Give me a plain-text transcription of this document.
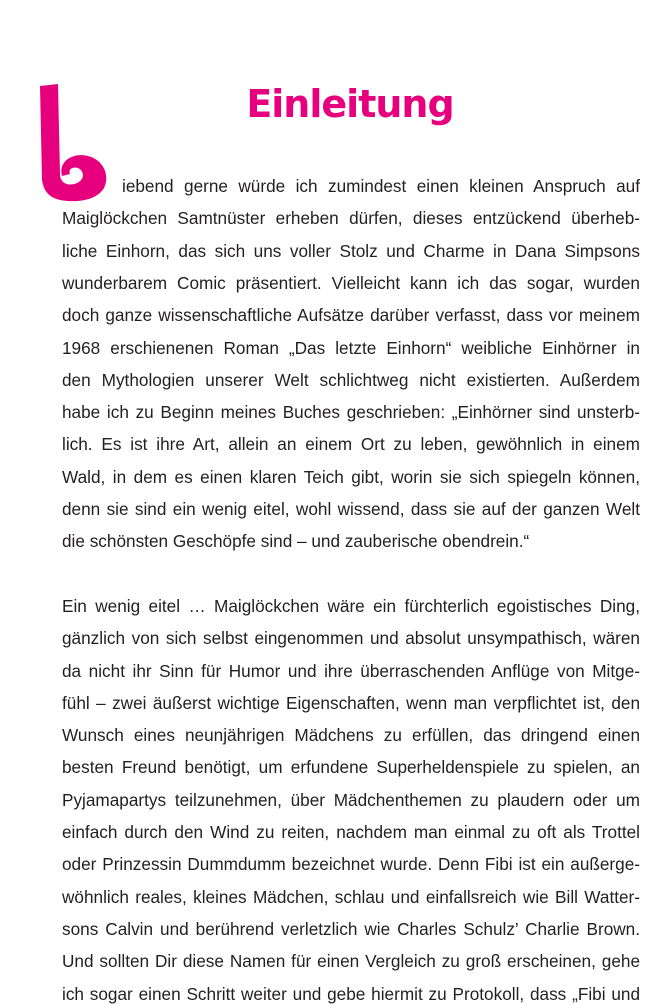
Einleitung
iebend gerne würde ich zumindest einen kleinen Anspruch auf
Maiglöckchen Samtnüster erheben dürfen, dieses entzückend überheb-
liche Einhorn, das sich uns voller Stolz und Charme in Dana Simpsons
wunderbarem Comic präsentiert. Vielleicht kann ich das sogar, wurden
doch ganze wissenschaftliche Aufsätze darüber verfasst, dass vor meinem
1968 erschienenen Roman „Das letzte Einhorn“ weibliche Einhörner in
den Mythologien unserer Welt schlichtweg nicht existierten. Außerdem
habe ich zu Beginn meines Buches geschrieben: „Einhörner sind unsterb-
lich. Es ist ihre Art, allein an einem Ort zu leben, gewöhnlich in einem
Wald, in dem es einen klaren Teich gibt, worin sie sich spiegeln können,
denn sie sind ein wenig eitel, wohl wissend, dass sie auf der ganzen Welt
die schönsten Geschöpfe sind – und zauberische obendrein.“
Ein wenig eitel … Maiglöckchen wäre ein fürchterlich egoistisches Ding,
gänzlich von sich selbst eingenommen und absolut unsympathisch, wären
da nicht ihr Sinn für Humor und ihre überraschenden Anflüge von Mitge-
fühl – zwei äußerst wichtige Eigenschaften, wenn man verpflichtet ist, den
Wunsch eines neunjährigen Mädchens zu erfüllen, das dringend einen
besten Freund benötigt, um erfundene Superheldenspiele zu spielen, an
Pyjamapartys teilzunehmen, über Mädchenthemen zu plaudern oder um
einfach durch den Wind zu reiten, nachdem man einmal zu oft als Trottel
oder Prinzessin Dummdumm bezeichnet wurde. Denn Fibi ist ein außerge-
wöhnlich reales, kleines Mädchen, schlau und einfallsreich wie Bill Watter-
sons Calvin und berührend verletzlich wie Charles Schulz’ Charlie Brown.
Und sollten Dir diese Namen für einen Vergleich zu groß erscheinen, gehe
ich sogar einen Schritt weiter und gebe hiermit zu Protokoll, dass „Fibi und
